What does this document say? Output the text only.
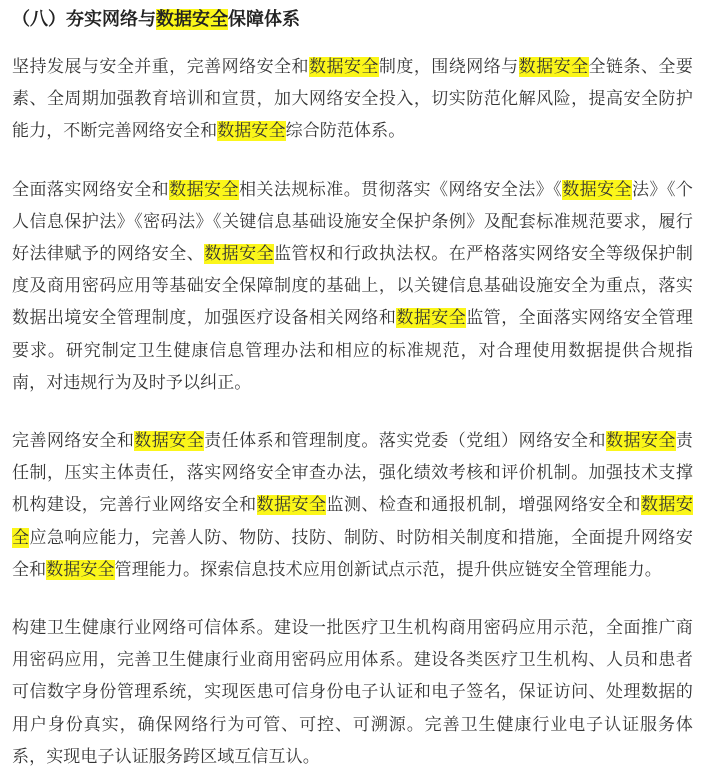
（八）夯实网络与数据安全保障体系

坚持发展与安全并重，完善网络安全和数据安全制度，围绕网络与数据安全全链条、全要素、全周期加强教育培训和宣贯，加大网络安全投入，切实防范化解风险，提高安全防护能力，不断完善网络安全和数据安全综合防范体系。

全面落实网络安全和数据安全相关法规标准。贯彻落实《网络安全法》《数据安全法》《个人信息保护法》《密码法》《关键信息基础设施安全保护条例》及配套标准规范要求，履行好法律赋予的网络安全、数据安全监管权和行政执法权。在严格落实网络安全等级保护制度及商用密码应用等基础安全保障制度的基础上，以关键信息基础设施安全为重点，落实数据出境安全管理制度，加强医疗设备相关网络和数据安全监管，全面落实网络安全管理要求。研究制定卫生健康信息管理办法和相应的标准规范，对合理使用数据提供合规指南，对违规行为及时予以纠正。

完善网络安全和数据安全责任体系和管理制度。落实党委（党组）网络安全和数据安全责任制，压实主体责任，落实网络安全审查办法，强化绩效考核和评价机制。加强技术支撑机构建设，完善行业网络安全和数据安全监测、检查和通报机制，增强网络安全和数据安全应急响应能力，完善人防、物防、技防、制防、时防相关制度和措施，全面提升网络安全和数据安全管理能力。探索信息技术应用创新试点示范，提升供应链安全管理能力。

构建卫生健康行业网络可信体系。建设一批医疗卫生机构商用密码应用示范，全面推广商用密码应用，完善卫生健康行业商用密码应用体系。建设各类医疗卫生机构、人员和患者可信数字身份管理系统，实现医患可信身份电子认证和电子签名，保证访问、处理数据的用户身份真实，确保网络行为可管、可控、可溯源。完善卫生健康行业电子认证服务体系，实现电子认证服务跨区域互信互认。
